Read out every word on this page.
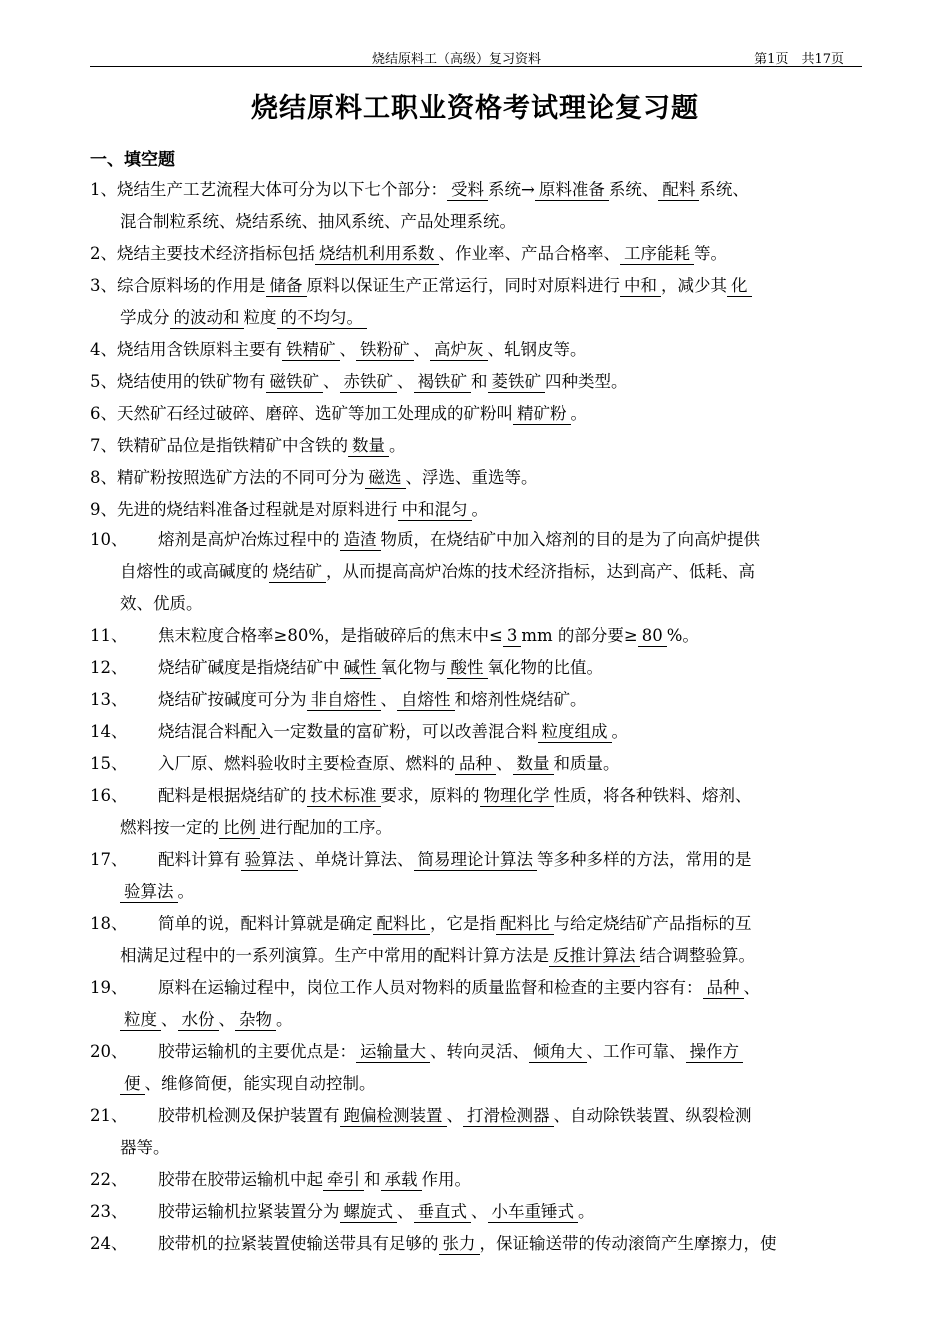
烧结原料工（高级）复习资料	第1页　共17页
烧结原料工职业资格考试理论复习题
一、填空题
1、烧结生产工艺流程大体可分为以下七个部分： 受料 系统→ 原料准备 系统、 配料 系统、
混合制粒系统、烧结系统、抽风系统、产品处理系统。
2、烧结主要技术经济指标包括 烧结机利用系数 、作业率、产品合格率、 工序能耗 等。
3、综合原料场的作用是 储备 原料以保证生产正常运行，同时对原料进行 中和 ，减少其 化
学成分 的波动和 粒度 的不均匀。
4、烧结用含铁原料主要有 铁精矿 、 铁粉矿 、 高炉灰 、轧钢皮等。
5、烧结使用的铁矿物有 磁铁矿 、 赤铁矿 、 褐铁矿 和 菱铁矿 四种类型。
6、天然矿石经过破碎、磨碎、选矿等加工处理成的矿粉叫 精矿粉 。
7、铁精矿品位是指铁精矿中含铁的 数量 。
8、精矿粉按照选矿方法的不同可分为 磁选 、浮选、重选等。
9、先进的烧结料准备过程就是对原料进行 中和混匀 。
10、 熔剂是高炉冶炼过程中的 造渣 物质，在烧结矿中加入熔剂的目的是为了向高炉提供
自熔性的或高碱度的 烧结矿 ，从而提高高炉冶炼的技术经济指标，达到高产、低耗、高
效、优质。
11、 焦末粒度合格率≥80%，是指破碎后的焦末中≤ 3 mm 的部分要≥ 80 %。
12、 烧结矿碱度是指烧结矿中 碱性 氧化物与 酸性 氧化物的比值。
13、 烧结矿按碱度可分为 非自熔性 、 自熔性 和熔剂性烧结矿。
14、 烧结混合料配入一定数量的富矿粉，可以改善混合料 粒度组成 。
15、 入厂原、燃料验收时主要检查原、燃料的 品种 、 数量 和质量。
16、 配料是根据烧结矿的 技术标准 要求，原料的 物理化学 性质，将各种铁料、熔剂、
燃料按一定的 比例 进行配加的工序。
17、 配料计算有 验算法 、单烧计算法、 简易理论计算法 等多种多样的方法，常用的是
验算法 。
18、 简单的说，配料计算就是确定 配料比 ，它是指 配料比 与给定烧结矿产品指标的互
相满足过程中的一系列演算。生产中常用的配料计算方法是 反推计算法 结合调整验算。
19、 原料在运输过程中，岗位工作人员对物料的质量监督和检查的主要内容有： 品种 、
粒度 、 水份 、 杂物 。
20、 胶带运输机的主要优点是： 运输量大 、转向灵活、 倾角大 、工作可靠、 操作方
便 、维修简便，能实现自动控制。
21、 胶带机检测及保护装置有 跑偏检测装置 、 打滑检测器 、自动除铁装置、纵裂检测
器等。
22、 胶带在胶带运输机中起 牵引 和 承载 作用。
23、 胶带运输机拉紧装置分为 螺旋式 、 垂直式 、 小车重锤式 。
24、 胶带机的拉紧装置使输送带具有足够的 张力 ，保证输送带的传动滚筒产生摩擦力，使
